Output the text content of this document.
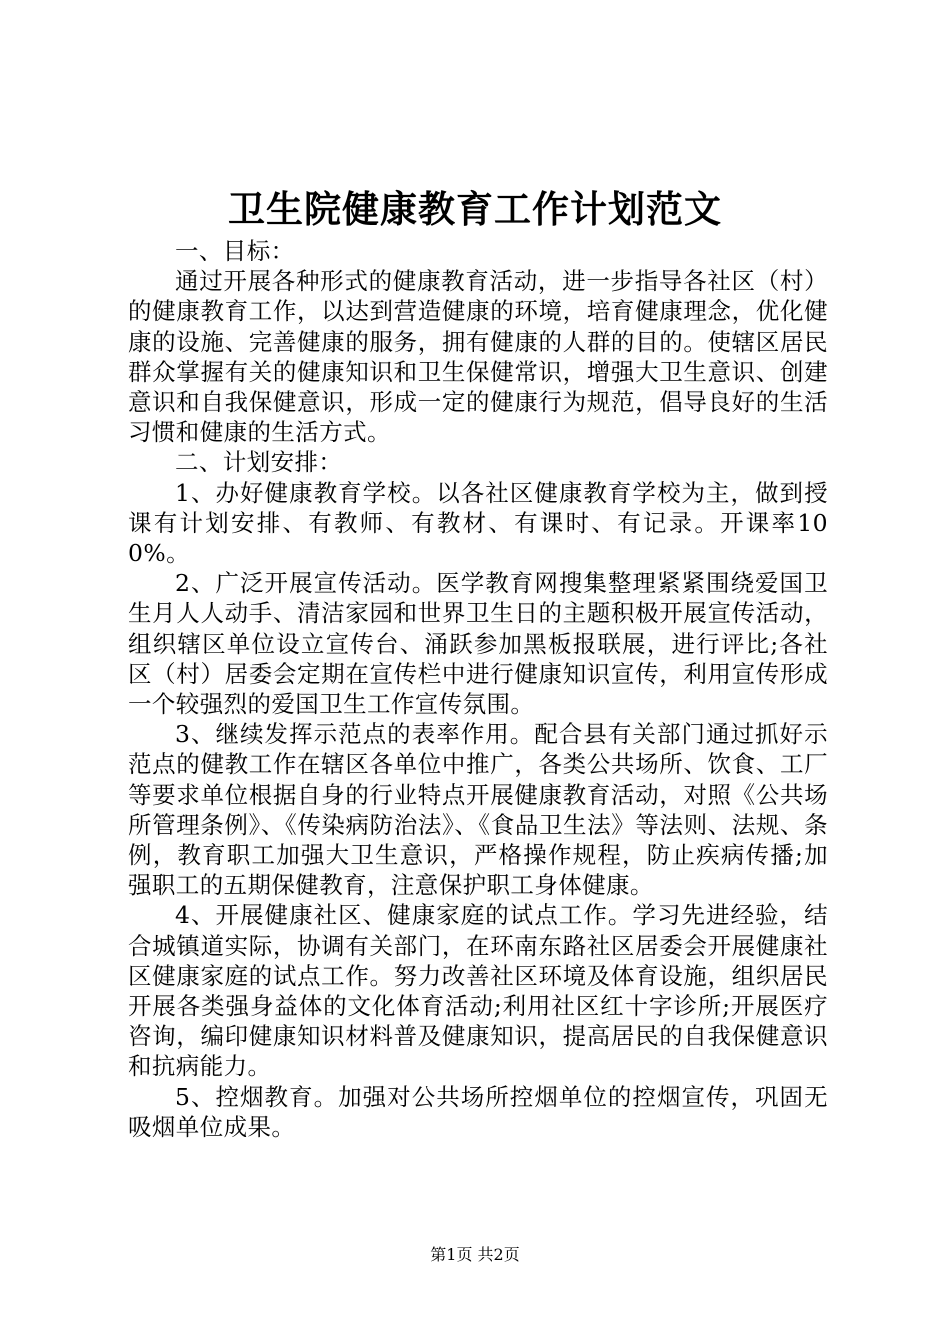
卫生院健康教育工作计划范文

一、目标：

通过开展各种形式的健康教育活动，进一步指导各社区（村）的健康教育工作，以达到营造健康的环境，培育健康理念，优化健康的设施、完善健康的服务，拥有健康的人群的目的。使辖区居民群众掌握有关的健康知识和卫生保健常识，增强大卫生意识、创建意识和自我保健意识，形成一定的健康行为规范，倡导良好的生活习惯和健康的生活方式。

二、计划安排：

1、办好健康教育学校。以各社区健康教育学校为主，做到授课有计划安排、有教师、有教材、有课时、有记录。开课率100%。

2、广泛开展宣传活动。医学教育网搜集整理紧紧围绕爱国卫生月人人动手、清洁家园和世界卫生日的主题积极开展宣传活动，组织辖区单位设立宣传台、涌跃参加黑板报联展，进行评比;各社区（村）居委会定期在宣传栏中进行健康知识宣传，利用宣传形成一个较强烈的爱国卫生工作宣传氛围。

3、继续发挥示范点的表率作用。配合县有关部门通过抓好示范点的健教工作在辖区各单位中推广，各类公共场所、饮食、工厂等要求单位根据自身的行业特点开展健康教育活动，对照《公共场所管理条例》、《传染病防治法》、《食品卫生法》等法则、法规、条例，教育职工加强大卫生意识，严格操作规程，防止疾病传播;加强职工的五期保健教育，注意保护职工身体健康。

4、开展健康社区、健康家庭的试点工作。学习先进经验，结合城镇道实际，协调有关部门，在环南东路社区居委会开展健康社区健康家庭的试点工作。努力改善社区环境及体育设施，组织居民开展各类强身益体的文化体育活动;利用社区红十字诊所;开展医疗咨询，编印健康知识材料普及健康知识，提高居民的自我保健意识和抗病能力。

5、控烟教育。加强对公共场所控烟单位的控烟宣传，巩固无吸烟单位成果。

第1页 共2页
